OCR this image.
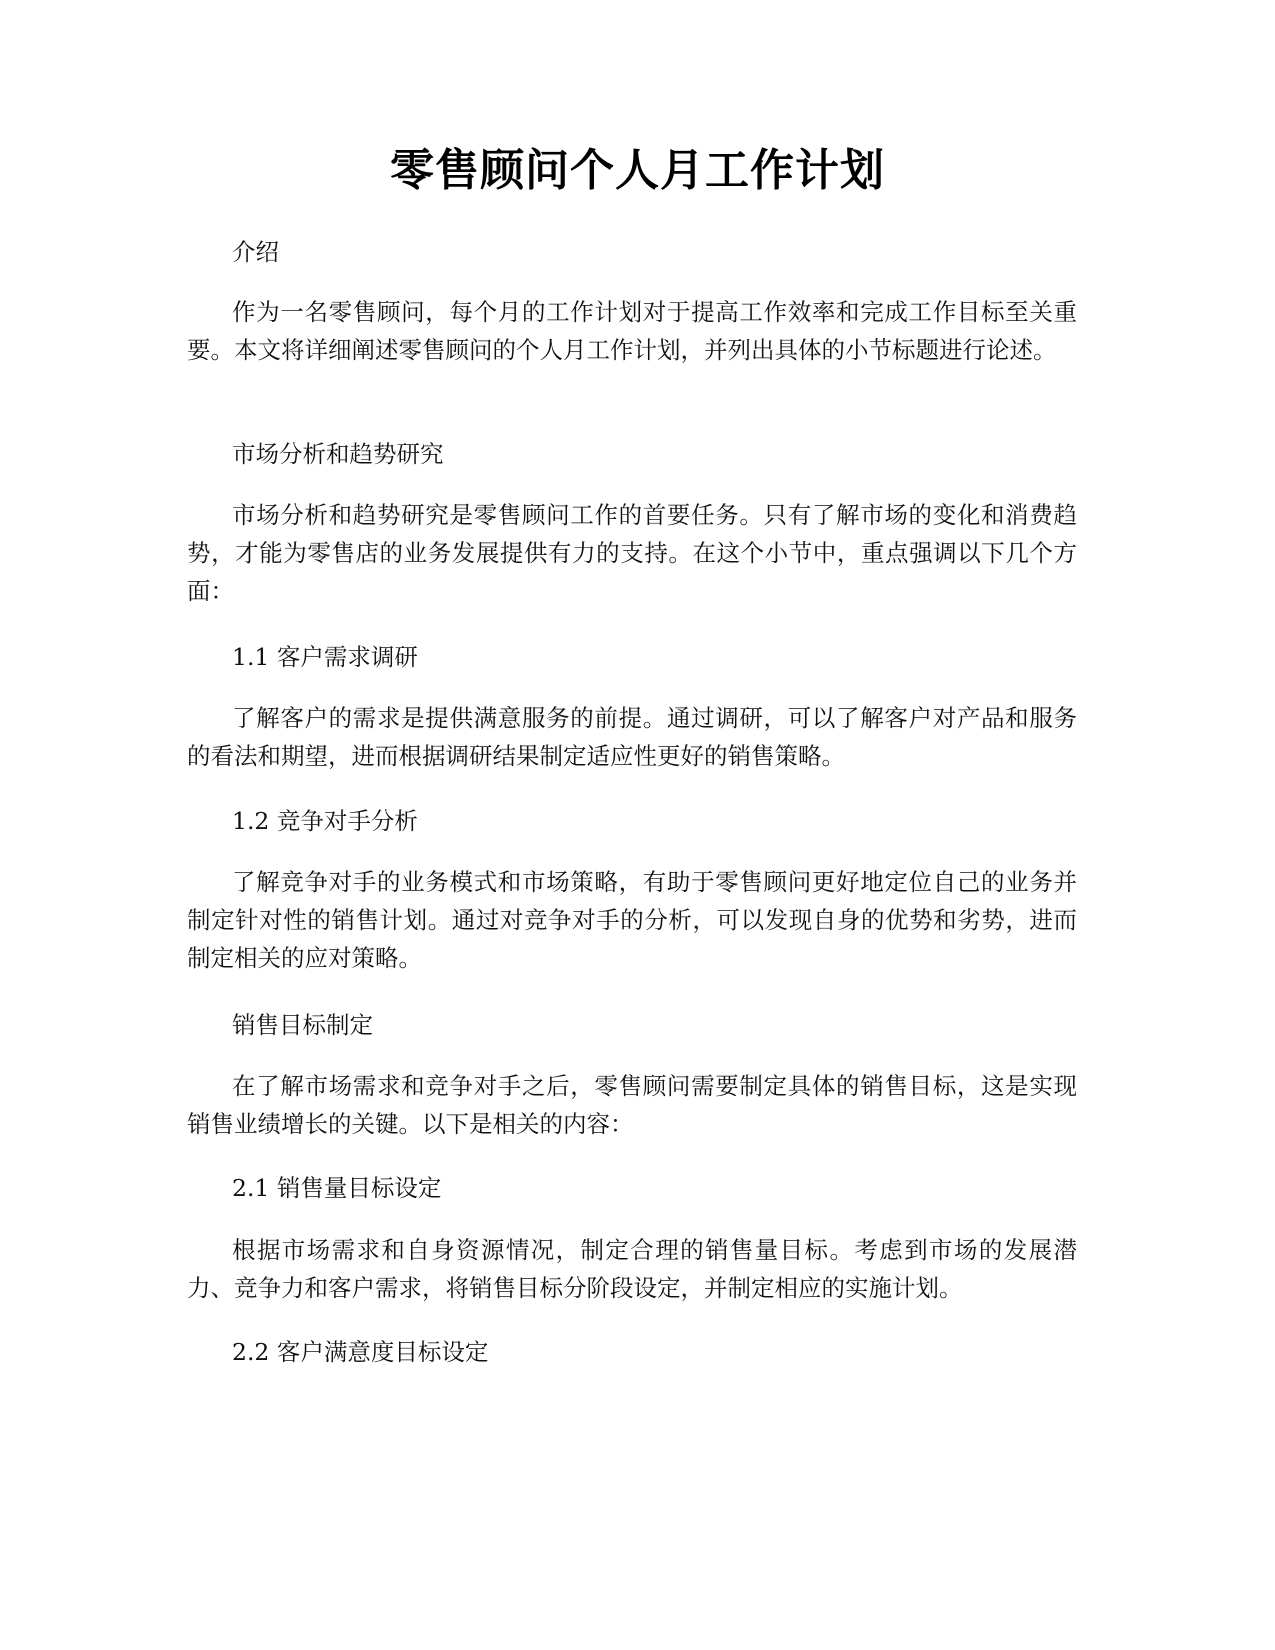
零售顾问个人月工作计划

介绍

作为一名零售顾问，每个月的工作计划对于提高工作效率和完成工作目标至关重要。本文将详细阐述零售顾问的个人月工作计划，并列出具体的小节标题进行论述。

市场分析和趋势研究

市场分析和趋势研究是零售顾问工作的首要任务。只有了解市场的变化和消费趋势，才能为零售店的业务发展提供有力的支持。在这个小节中，重点强调以下几个方面：

1.1 客户需求调研

了解客户的需求是提供满意服务的前提。通过调研，可以了解客户对产品和服务的看法和期望，进而根据调研结果制定适应性更好的销售策略。

1.2 竞争对手分析

了解竞争对手的业务模式和市场策略，有助于零售顾问更好地定位自己的业务并制定针对性的销售计划。通过对竞争对手的分析，可以发现自身的优势和劣势，进而制定相关的应对策略。

销售目标制定

在了解市场需求和竞争对手之后，零售顾问需要制定具体的销售目标，这是实现销售业绩增长的关键。以下是相关的内容：

2.1 销售量目标设定

根据市场需求和自身资源情况，制定合理的销售量目标。考虑到市场的发展潜力、竞争力和客户需求，将销售目标分阶段设定，并制定相应的实施计划。

2.2 客户满意度目标设定
